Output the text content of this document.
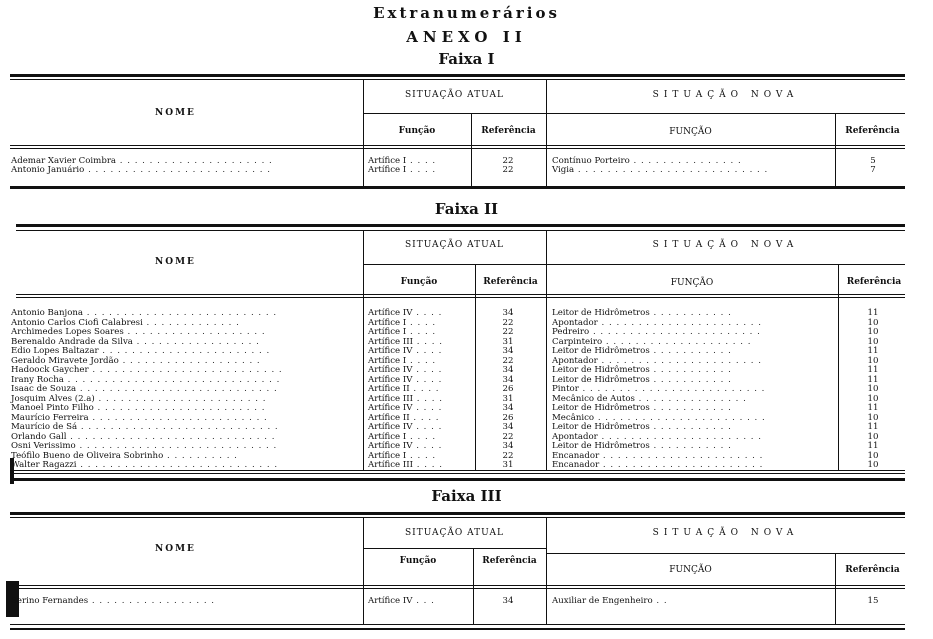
Extranumerários
ANEXO II
Faixa I
NOME
SITUAÇÃO ATUAL	SITUAÇÃO NOVA
Função	Referência	FUNÇÃO	Referência
Ademar Xavier Coimbra . . . . . . . . . . . . . . . . . . . . .	Artífice I . . . .	22	Contínuo Porteiro . . . . . . . . . . . . . . .	5
Antonio Januário . . . . . . . . . . . . . . . . . . . . . . . . .	Artífice I . . . .	22	Vigia . . . . . . . . . . . . . . . . . . . . . . . . . .	7
Faixa II
NOME
SITUAÇÃO ATUAL	SITUAÇÃO NOVA
Função	Referência	FUNÇÃO	Referência
Antonio Banjona . . . . . . . . . . . . . . . . . . . . . . . . . .	Artífice IV . . . .	34	Leitor de Hidrômetros . . . . . . . . . . .	11
Antonio Carlos Ciofi Calabresi . . . . . . . . . . . . .	Artífice I . . . .	22	Apontador . . . . . . . . . . . . . . . . . . . . . .	10
Archimedes Lopes Soares . . . . . . . . . . . . . . . . . . .	Artífice I . . . .	22	Pedreiro . . . . . . . . . . . . . . . . . . . . . . .	10
Berenaldo Andrade da Silva . . . . . . . . . . . . . . . . .	Artífice III . . . .	31	Carpinteiro . . . . . . . . . . . . . . . . . . . .	10
Edio Lopes Baltazar . . . . . . . . . . . . . . . . . . . . . . .	Artífice IV . . . .	34	Leitor de Hidrômetros . . . . . . . . . . .	11
Geraldo Miravete Jordão . . . . . . . . . . . . . . . . . . .	Artífice I . . . .	22	Apontador . . . . . . . . . . . . . . . . . . . . . .	10
Hadoock Gaycher . . . . . . . . . . . . . . . . . . . . . . . . . .	Artífice IV . . . .	34	Leitor de Hidrômetros . . . . . . . . . . .	11
Irany Rocha . . . . . . . . . . . . . . . . . . . . . . . . . . . . .	Artífice IV . . . .	34	Leitor de Hidrômetros . . . . . . . . . . .	11
Isaac de Souza . . . . . . . . . . . . . . . . . . . . . . . . . . .	Artífice II . . . .	26	Pintor . . . . . . . . . . . . . . . . . . . . . . . . .	10
Josquim Alves (2.a) . . . . . . . . . . . . . . . . . . . . . . .	Artífice III . . . .	31	Mecânico de Autos . . . . . . . . . . . . . . .	10
Manoel Pinto Filho . . . . . . . . . . . . . . . . . . . . . . .	Artífice IV . . . .	34	Leitor de Hidrômetros . . . . . . . . . . .	11
Maurício Ferreira . . . . . . . . . . . . . . . . . . . . . . . .	Artífice II . . . .	26	Mecânico . . . . . . . . . . . . . . . . . . . . . . .	10
Maurício de Sá . . . . . . . . . . . . . . . . . . . . . . . . . . .	Artífice IV . . . .	34	Leitor de Hidrômetros . . . . . . . . . . .	11
Orlando Gall . . . . . . . . . . . . . . . . . . . . . . . . . . . .	Artífice I . . . .	22	Apontador . . . . . . . . . . . . . . . . . . . . . .	10
Osni Verissimo . . . . . . . . . . . . . . . . . . . . . . . . . . .	Artífice IV . . . .	34	Leitor de Hidrômetros . . . . . . . . . . .	11
Teófilo Bueno de Oliveira Sobrinho . . . . . . . . . .	Artífice I . . . .	22	Encanador . . . . . . . . . . . . . . . . . . . . . .	10
Walter Ragazzi . . . . . . . . . . . . . . . . . . . . . . . . . . .	Artífice III . . . .	31	Encanador . . . . . . . . . . . . . . . . . . . . . .	10
Faixa III
NOME
SITUAÇÃO ATUAL	SITUAÇÃO NOVA
Função	Referência
FUNÇÃO	Referência
Serino Fernandes . . . . . . . . . . . . . . . . .	Artífice IV . . .	34	Auxiliar de Engenheiro . .	15
